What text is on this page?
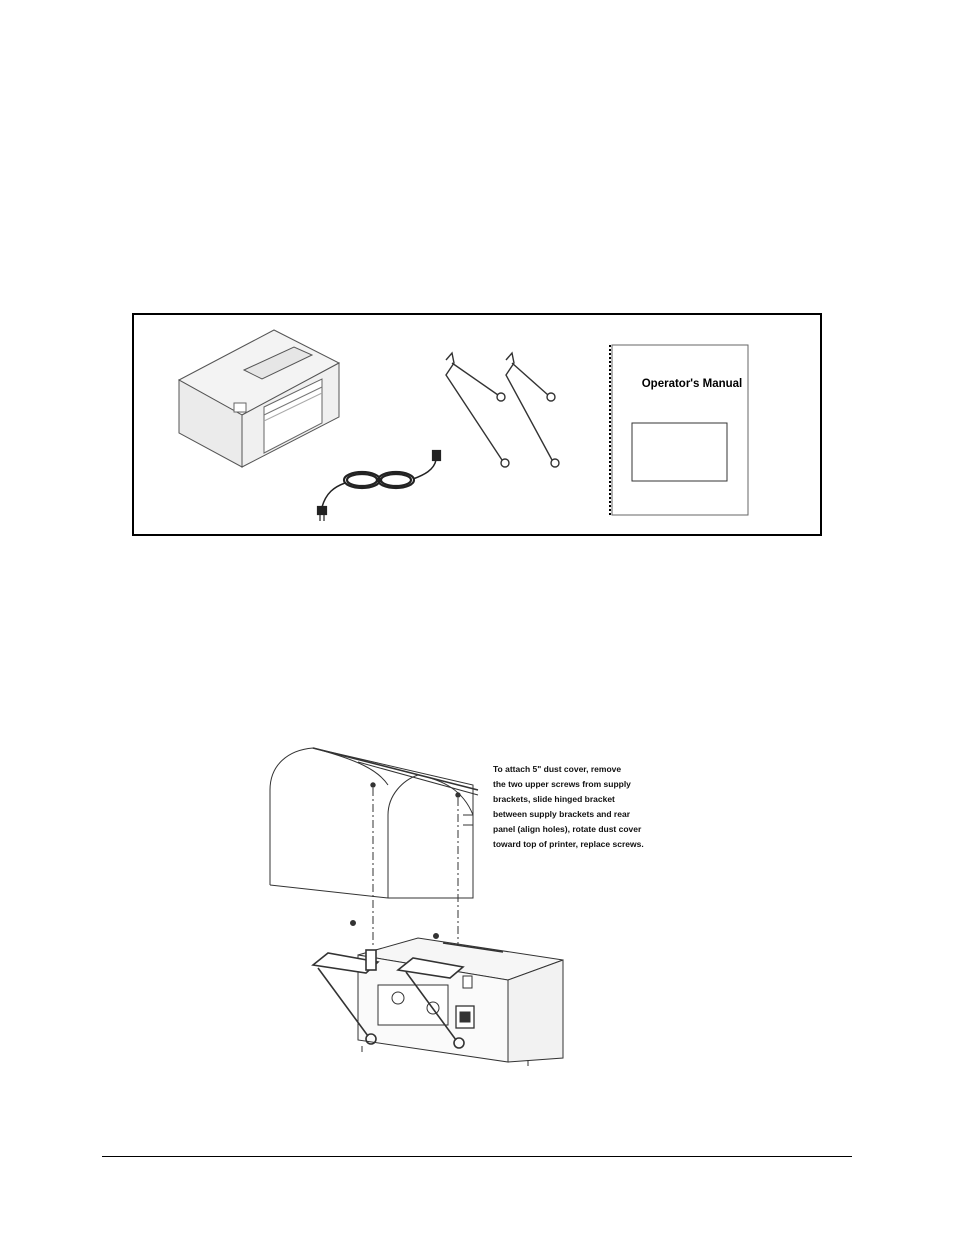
Operator's Manual
To attach 5" dust cover, remove
the two upper screws from supply
brackets, slide hinged bracket
between supply brackets and rear
panel (align holes), rotate dust cover
toward top of printer, replace screws.
